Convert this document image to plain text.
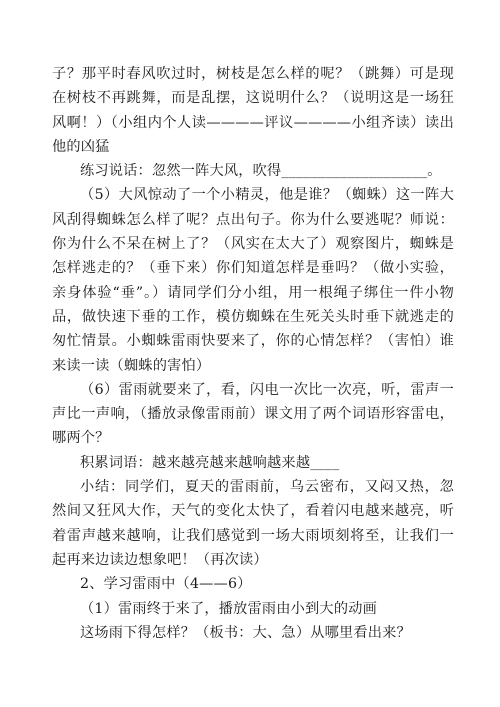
子？那平时春风吹过时，树枝是怎么样的呢？（跳舞）可是现在树枝不再跳舞，而是乱摆，这说明什么？（说明这是一场狂风啊！）（小组内个人读————评议————小组齐读）读出他的凶猛

练习说话：忽然一阵大风，吹得____________________。

（5）大风惊动了一个小精灵，他是谁？（蜘蛛）这一阵大风刮得蜘蛛怎么样了呢？点出句子。你为什么要逃呢？师说：你为什么不呆在树上了？（风实在太大了）观察图片，蜘蛛是怎样逃走的？（垂下来）你们知道怎样是垂吗？（做小实验，亲身体验“垂”。）请同学们分小组，用一根绳子绑住一件小物品，做快速下垂的工作，模仿蜘蛛在生死关头时垂下就逃走的匆忙情景。小蜘蛛雷雨快要来了，你的心情怎样？（害怕）谁来读一读（蜘蛛的害怕）

（6）雷雨就要来了，看，闪电一次比一次亮，听，雷声一声比一声响，（播放录像雷雨前）课文用了两个词语形容雷电，哪两个？

积累词语：越来越亮越来越响越来越____

小结：同学们，夏天的雷雨前，乌云密布，又闷又热，忽然间又狂风大作，天气的变化太快了，看着闪电越来越亮，听着雷声越来越响，让我们感觉到一场大雨顷刻将至，让我们一起再来边读边想象吧！（再次读）

2、学习雷雨中（4——6）

（1）雷雨终于来了，播放雷雨由小到大的动画

这场雨下得怎样？（板书：大、急）从哪里看出来？
